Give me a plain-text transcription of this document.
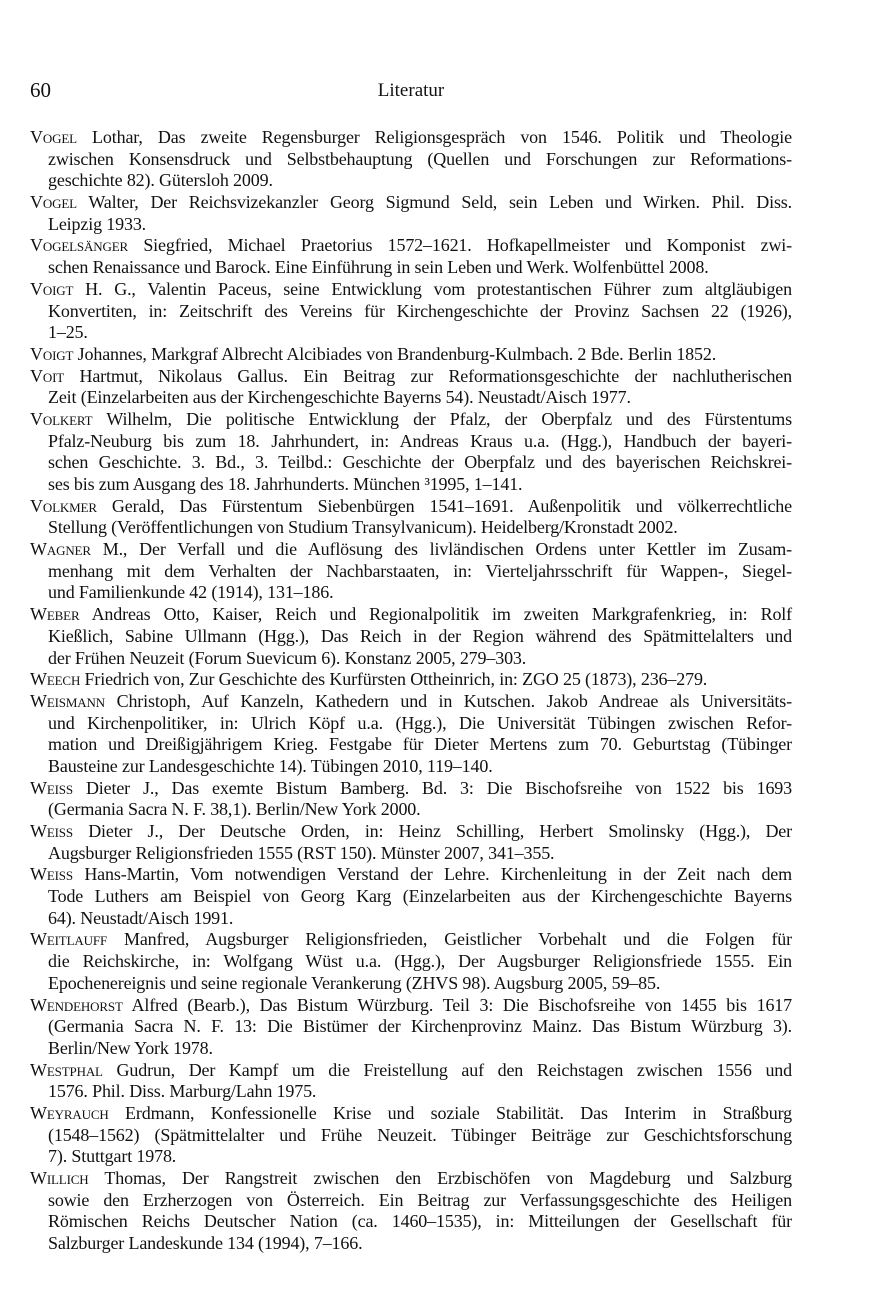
60	Literatur
Vogel Lothar, Das zweite Regensburger Religionsgespräch von 1546. Politik und Theologie
zwischen Konsensdruck und Selbstbehauptung (Quellen und Forschungen zur Reformations-
geschichte 82). Gütersloh 2009.
Vogel Walter, Der Reichsvizekanzler Georg Sigmund Seld, sein Leben und Wirken. Phil. Diss.
Leipzig 1933.
Vogelsänger Siegfried, Michael Praetorius 1572–1621. Hofkapellmeister und Komponist zwi-
schen Renaissance und Barock. Eine Einführung in sein Leben und Werk. Wolfenbüttel 2008.
Voigt H. G., Valentin Paceus, seine Entwicklung vom protestantischen Führer zum altgläubigen
Konvertiten, in: Zeitschrift des Vereins für Kirchengeschichte der Provinz Sachsen 22 (1926),
1–25.
Voigt Johannes, Markgraf Albrecht Alcibiades von Brandenburg-Kulmbach. 2 Bde. Berlin 1852.
Voit Hartmut, Nikolaus Gallus. Ein Beitrag zur Reformationsgeschichte der nachlutherischen
Zeit (Einzelarbeiten aus der Kirchengeschichte Bayerns 54). Neustadt/Aisch 1977.
Volkert Wilhelm, Die politische Entwicklung der Pfalz, der Oberpfalz und des Fürstentums
Pfalz-Neuburg bis zum 18. Jahrhundert, in: Andreas Kraus u.a. (Hgg.), Handbuch der bayeri-
schen Geschichte. 3. Bd., 3. Teilbd.: Geschichte der Oberpfalz und des bayerischen Reichskrei-
ses bis zum Ausgang des 18. Jahrhunderts. München ³1995, 1–141.
Volkmer Gerald, Das Fürstentum Siebenbürgen 1541–1691. Außenpolitik und völkerrechtliche
Stellung (Veröffentlichungen von Studium Transylvanicum). Heidelberg/Kronstadt 2002.
Wagner M., Der Verfall und die Auflösung des livländischen Ordens unter Kettler im Zusam-
menhang mit dem Verhalten der Nachbarstaaten, in: Vierteljahrsschrift für Wappen-, Siegel-
und Familienkunde 42 (1914), 131–186.
Weber Andreas Otto, Kaiser, Reich und Regionalpolitik im zweiten Markgrafenkrieg, in: Rolf
Kießlich, Sabine Ullmann (Hgg.), Das Reich in der Region während des Spätmittelalters und
der Frühen Neuzeit (Forum Suevicum 6). Konstanz 2005, 279–303.
Weech Friedrich von, Zur Geschichte des Kurfürsten Ottheinrich, in: ZGO 25 (1873), 236–279.
Weismann Christoph, Auf Kanzeln, Kathedern und in Kutschen. Jakob Andreae als Universitäts-
und Kirchenpolitiker, in: Ulrich Köpf u.a. (Hgg.), Die Universität Tübingen zwischen Refor-
mation und Dreißigjährigem Krieg. Festgabe für Dieter Mertens zum 70. Geburtstag (Tübinger
Bausteine zur Landesgeschichte 14). Tübingen 2010, 119–140.
Weiss Dieter J., Das exemte Bistum Bamberg. Bd. 3: Die Bischofsreihe von 1522 bis 1693
(Germania Sacra N. F. 38,1). Berlin/New York 2000.
Weiss Dieter J., Der Deutsche Orden, in: Heinz Schilling, Herbert Smolinsky (Hgg.), Der
Augsburger Religionsfrieden 1555 (RST 150). Münster 2007, 341–355.
Weiss Hans-Martin, Vom notwendigen Verstand der Lehre. Kirchenleitung in der Zeit nach dem
Tode Luthers am Beispiel von Georg Karg (Einzelarbeiten aus der Kirchengeschichte Bayerns
64). Neustadt/Aisch 1991.
Weitlauff Manfred, Augsburger Religionsfrieden, Geistlicher Vorbehalt und die Folgen für
die Reichskirche, in: Wolfgang Wüst u.a. (Hgg.), Der Augsburger Religionsfriede 1555. Ein
Epochenereignis und seine regionale Verankerung (ZHVS 98). Augsburg 2005, 59–85.
Wendehorst Alfred (Bearb.), Das Bistum Würzburg. Teil 3: Die Bischofsreihe von 1455 bis 1617
(Germania Sacra N. F. 13: Die Bistümer der Kirchenprovinz Mainz. Das Bistum Würzburg 3).
Berlin/New York 1978.
Westphal Gudrun, Der Kampf um die Freistellung auf den Reichstagen zwischen 1556 und
1576. Phil. Diss. Marburg/Lahn 1975.
Weyrauch Erdmann, Konfessionelle Krise und soziale Stabilität. Das Interim in Straßburg
(1548–1562) (Spätmittelalter und Frühe Neuzeit. Tübinger Beiträge zur Geschichtsforschung
7). Stuttgart 1978.
Willich Thomas, Der Rangstreit zwischen den Erzbischöfen von Magdeburg und Salzburg
sowie den Erzherzogen von Österreich. Ein Beitrag zur Verfassungsgeschichte des Heiligen
Römischen Reichs Deutscher Nation (ca. 1460–1535), in: Mitteilungen der Gesellschaft für
Salzburger Landeskunde 134 (1994), 7–166.
